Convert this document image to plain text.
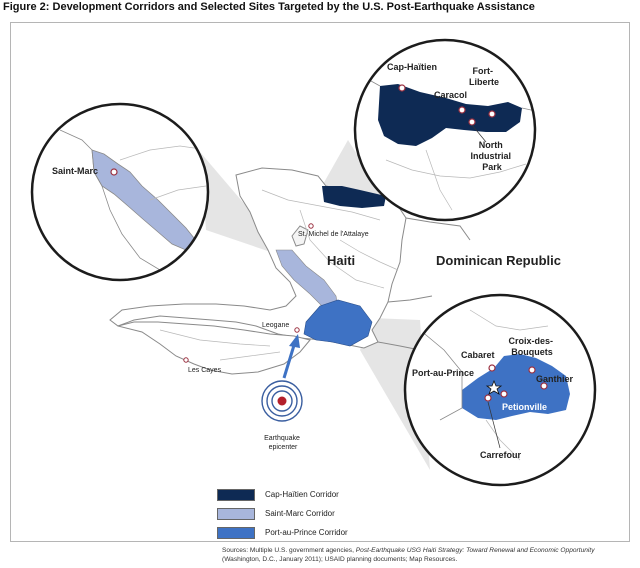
Figure 2: Development Corridors and Selected Sites Targeted by the U.S. Post-Earthquake Assistance
St. Michel de l'Attalaye
Leogane
Les Cayes
Haiti	Dominican Republic
Earthquake epicenter
Saint-Marc
Cap-Haïtien
Caracol
Fort- Liberte
North Industrial Park
Croix-des- Bouquets
Cabaret
Port-au-Prince
Ganthier
Petionville
Carrefour
Cap-Haïtien Corridor
Saint-Marc Corridor
Port-au-Prince Corridor
Sources: Multiple U.S. government agencies, Post-Earthquake USG Haiti Strategy: Toward Renewal and Economic Opportunity (Washington, D.C., January 2011); USAID planning documents; Map Resources.
